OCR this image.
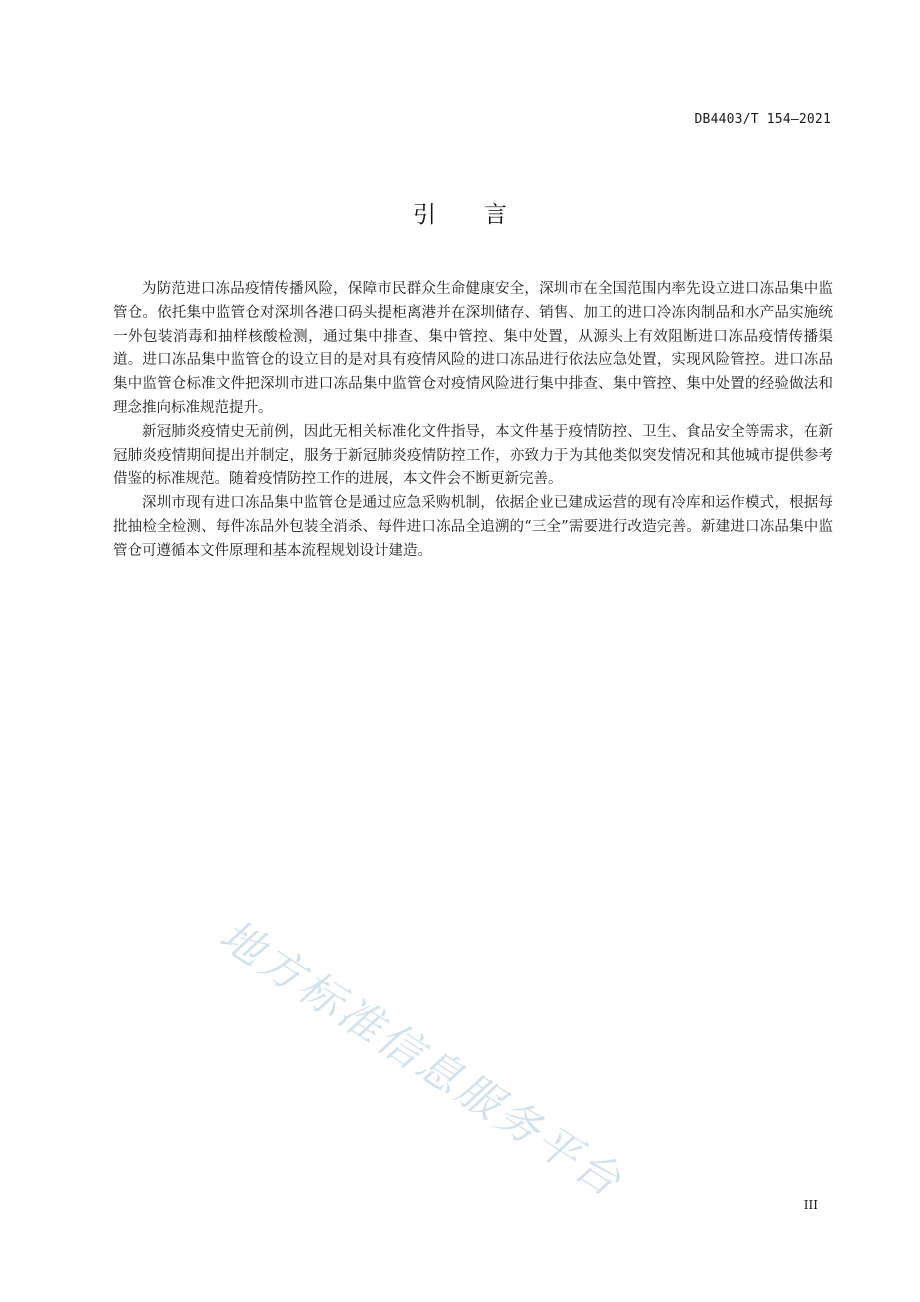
DB4403/T 154—2021
引言

为防范进口冻品疫情传播风险，保障市民群众生命健康安全，深圳市在全国范围内率先设立进口冻品集中监管仓。依托集中监管仓对深圳各港口码头提柜离港并在深圳储存、销售、加工的进口冷冻肉制品和水产品实施统一外包装消毒和抽样核酸检测，通过集中排查、集中管控、集中处置，从源头上有效阻断进口冻品疫情传播渠道。进口冻品集中监管仓的设立目的是对具有疫情风险的进口冻品进行依法应急处置，实现风险管控。进口冻品集中监管仓标准文件把深圳市进口冻品集中监管仓对疫情风险进行集中排查、集中管控、集中处置的经验做法和理念推向标准规范提升。

新冠肺炎疫情史无前例，因此无相关标准化文件指导，本文件基于疫情防控、卫生、食品安全等需求，在新冠肺炎疫情期间提出并制定，服务于新冠肺炎疫情防控工作，亦致力于为其他类似突发情况和其他城市提供参考借鉴的标准规范。随着疫情防控工作的进展，本文件会不断更新完善。

深圳市现有进口冻品集中监管仓是通过应急采购机制，依据企业已建成运营的现有冷库和运作模式，根据每批抽检全检测、每件冻品外包装全消杀、每件进口冻品全追溯的“三全”需要进行改造完善。新建进口冻品集中监管仓可遵循本文件原理和基本流程规划设计建造。

地方标准信息服务平台	III
